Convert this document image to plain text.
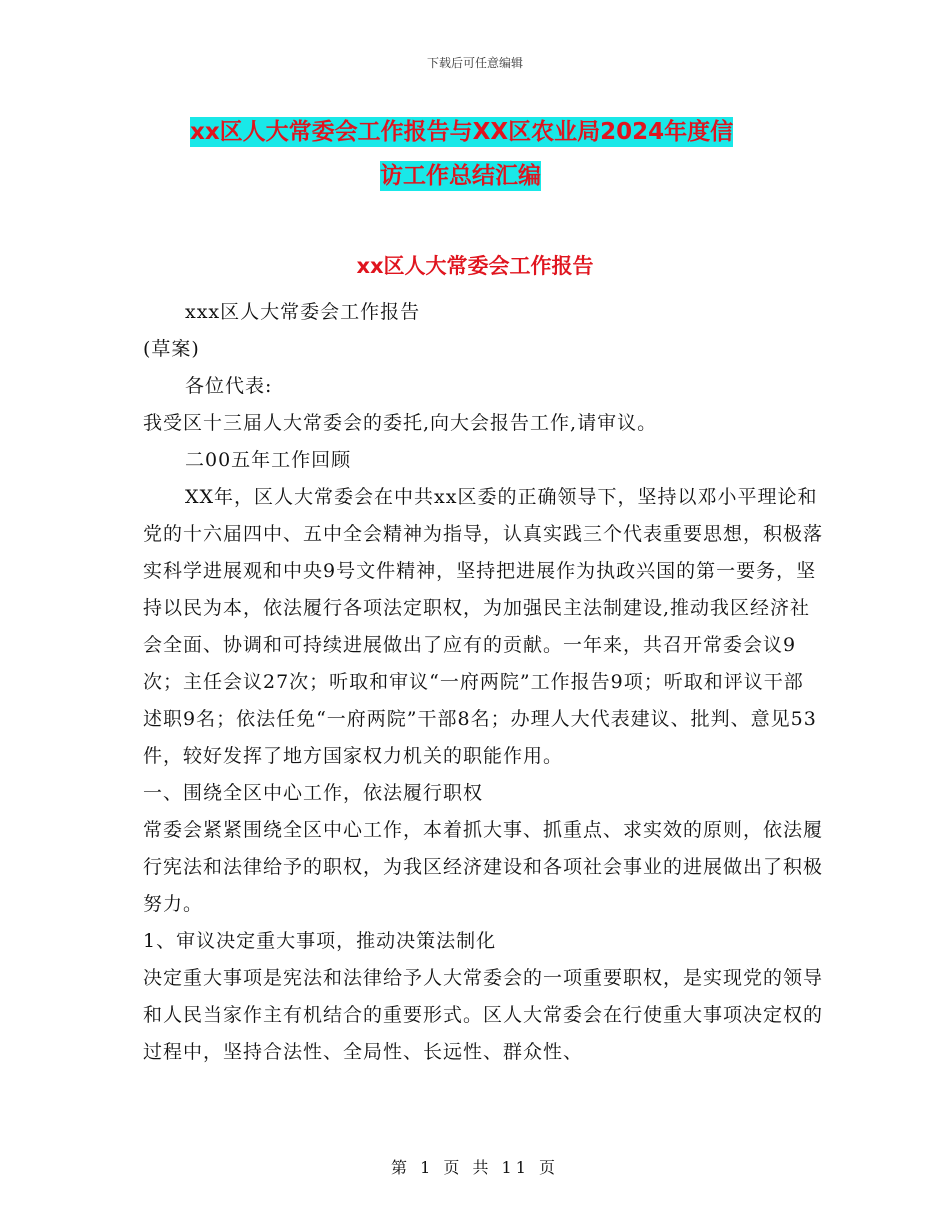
下载后可任意编辑
xx区人大常委会工作报告与XX区农业局2024年度信
访工作总结汇编
xx区人大常委会工作报告

xxx区人大常委会工作报告

(草案)

各位代表:

我受区十三届人大常委会的委托,向大会报告工作,请审议。

二00五年工作回顾

XX年，区人大常委会在中共xx区委的正确领导下，坚持以邓小平理论和党的十六届四中、五中全会精神为指导，认真实践三个代表重要思想，积极落实科学进展观和中央9号文件精神，坚持把进展作为执政兴国的第一要务，坚持以民为本，依法履行各项法定职权，为加强民主法制建设,推动我区经济社会全面、协调和可持续进展做出了应有的贡献。一年来，共召开常委会议9次；主任会议27次；听取和审议“一府两院”工作报告9项；听取和评议干部述职9名；依法任免“一府两院”干部8名；办理人大代表建议、批判、意见53件，较好发挥了地方国家权力机关的职能作用。

一、围绕全区中心工作，依法履行职权

常委会紧紧围绕全区中心工作，本着抓大事、抓重点、求实效的原则，依法履行宪法和法律给予的职权，为我区经济建设和各项社会事业的进展做出了积极努力。

1、审议决定重大事项，推动决策法制化

决定重大事项是宪法和法律给予人大常委会的一项重要职权，是实现党的领导和人民当家作主有机结合的重要形式。区人大常委会在行使重大事项决定权的过程中，坚持合法性、全局性、长远性、群众性、

第 1 页 共 11 页
